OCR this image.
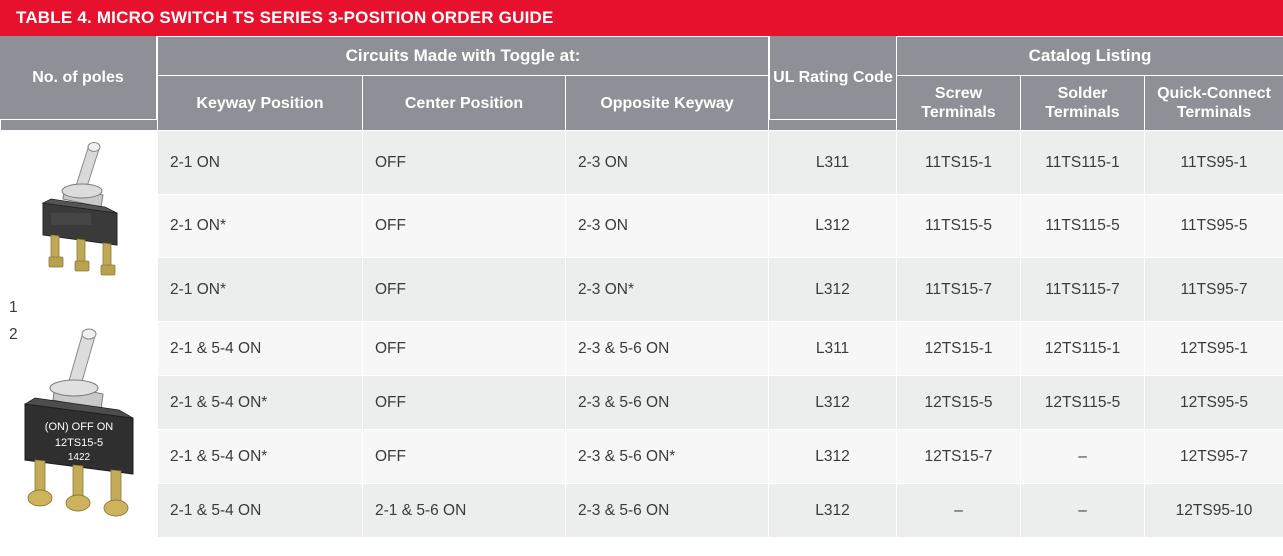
TABLE 4. MICRO SWITCH TS SERIES 3-POSITION ORDER GUIDE
	Circuits Made with Toggle at:				Catalog Listing		
	Keyway Position	Center Position	Opposite Keyway		Screw Terminals	Solder Terminals	Quick-Connect Terminals

1	2-1 ON	OFF	2-3 ON	L311	11TS15-1	11TS115-1	11TS95-1
	2-1 ON*	OFF	2-3 ON	L312	11TS15-5	11TS115-5	11TS95-5
	2-1 ON*	OFF	2-3 ON*	L312	11TS15-7	11TS115-7	11TS95-7

(ON) OFF ON
12TS15-5
1422
2	2-1 & 5-4 ON	OFF	2-3 & 5-6 ON	L311	12TS15-1	12TS115-1	12TS95-1
	2-1 & 5-4 ON*	OFF	2-3 & 5-6 ON	L312	12TS15-5	12TS115-5	12TS95-5
	2-1 & 5-4 ON*	OFF	2-3 & 5-6 ON*	L312	12TS15-7	–	12TS95-7
	2-1 & 5-4 ON	2-1 & 5-6 ON	2-3 & 5-6 ON	L312	–	–	12TS95-10
No. of poles	UL Rating Code
